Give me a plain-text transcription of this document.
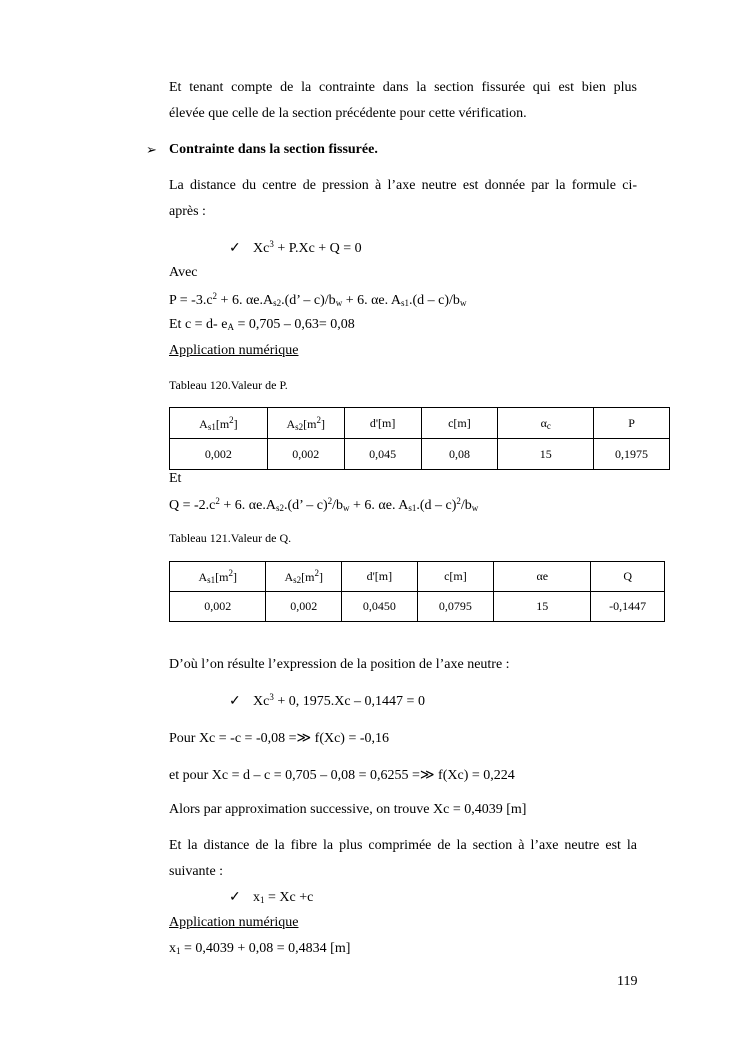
Et tenant compte de la contrainte dans la section fissurée qui est bien plus
élevée que celle de la section précédente pour cette vérification.
➢ Contrainte dans la section fissurée.
La distance du centre de pression à l’axe neutre est donnée par la formule ci-
après :
✓ $Xc^3 + P.Xc + Q = 0$
Avec
$P = -3.c^2 + 6$. $\alpha e.A_{s2}.(d$’ – $c)/b_w + 6$. αe. $A_{s1}.(d - c)/b_w$
Et c = d- $e_A = 0,705 - 0,63= 0,08$
Application numérique
Tableau 120.Valeur de P.
$A_{s1}[m^2]$	$A_{s2}[m^2]$	d'[m]	c[m]	$\alpha_c$	P
0,002	0,002	0,045	0,08	15	0,1975
Et
$Q = -2.c^2 + 6$. $\alpha e.A_{s2}.(d$’ – $c)^2/b_w + 6$. αe. $A_{s1}.(d - c)^2/b_w$
Tableau 121.Valeur de Q.
$A_{s1}[m^2]$	$A_{s2}[m^2]$	d'[m]	c[m]	αe	Q
0,002	0,002	0,0450	0,0795	15	-0,1447
D’où l’on résulte l’expression de la position de l’axe neutre :
✓ $Xc^3 + 0$, 1975.Xc – 0,1447 = 0
Pour Xc = -c = -0,08 =≫ f(Xc) = -0,16
et pour Xc = d – c = 0,705 – 0,08 = 0,6255 =≫ f(Xc) = 0,224
Alors par approximation successive, on trouve Xc = 0,4039 [m]
Et la distance de la fibre la plus comprimée de la section à l’axe neutre est la
suivante :
✓ $x_1 = Xc +c$
Application numérique
$x_1 = 0,4039 + 0,08 = 0,4834$ [m]
119
